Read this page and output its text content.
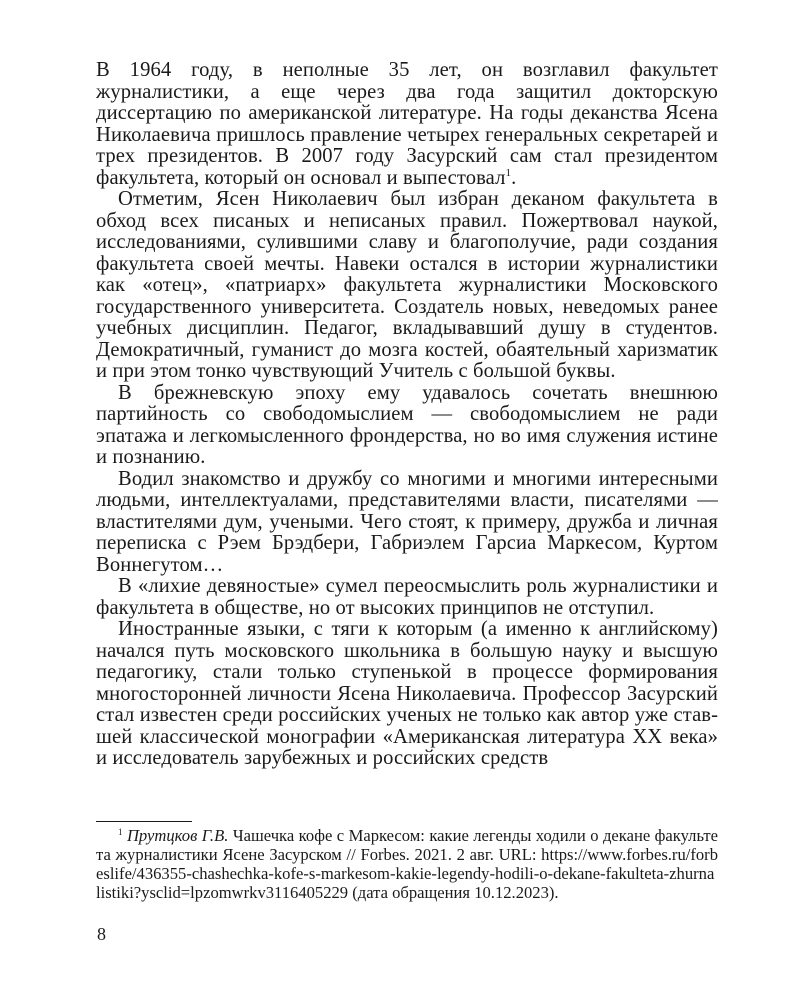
В 1964 году, в неполные 35 лет, он возглавил факультет журналистики, а еще через два года защитил докторскую диссертацию по американской литературе. На годы деканства Ясена Николаевича пришлось правление четырех генеральных секретарей и трех президентов. В 2007 году Засурский сам стал президентом факультета, который он основал и выпестовал$^1$.

Отметим, Ясен Николаевич был избран деканом факультета в обход всех писаных и неписаных правил. Пожертвовал наукой, исследованиями, сулившими славу и благополучие, ради создания факультета своей мечты. Навеки остался в истории журналистики как «отец», «патриарх» факультета журналистики Московского государственного университета. Создатель новых, неведомых ранее учебных дисциплин. Педагог, вкладывавший душу в студентов. Демократичный, гуманист до мозга костей, обаятельный харизматик и при этом тонко чувствующий Учитель с большой буквы.

В брежневскую эпоху ему удавалось сочетать внешнюю партийность со свободомыслием — свободомыслием не ради эпатажа и легкомысленного фрондерства, но во имя служения истине и познанию.

Водил знакомство и дружбу со многими и многими интересными людьми, интеллектуалами, представителями власти, писателями — властителями дум, учеными. Чего стоят, к примеру, дружба и личная переписка с Рэем Брэдбери, Габриэлем Гарсиа Маркесом, Куртом Воннегутом…

В «лихие девяностые» сумел переосмыслить роль журналистики и факультета в обществе, но от высоких принципов не отступил.

Иностранные языки, с тяги к которым (а именно к английскому) начался путь московского школьника в большую науку и высшую педагогику, стали только ступенькой в процессе формирования многосторонней личности Ясена Николаевича. Профессор Засурский стал известен среди российских ученых не только как автор уже ставшей классической монографии «Американская литература XX века» и исследователь зарубежных и российских средств

$^1$ Прутцков Г.В. Чашечка кофе с Маркесом: какие легенды ходили о декане факультета журналистики Ясене Засурском // Forbes. 2021. 2 авг. URL: https://www.forbes.ru/forbeslife/436355-chashechka-kofe-s-markesom-kakie-legendy-hodili-o-dekane-fakulteta-zhurnalistiki?ysclid=lpzomwrkv3116405229 (дата обращения 10.12.2023).

8
